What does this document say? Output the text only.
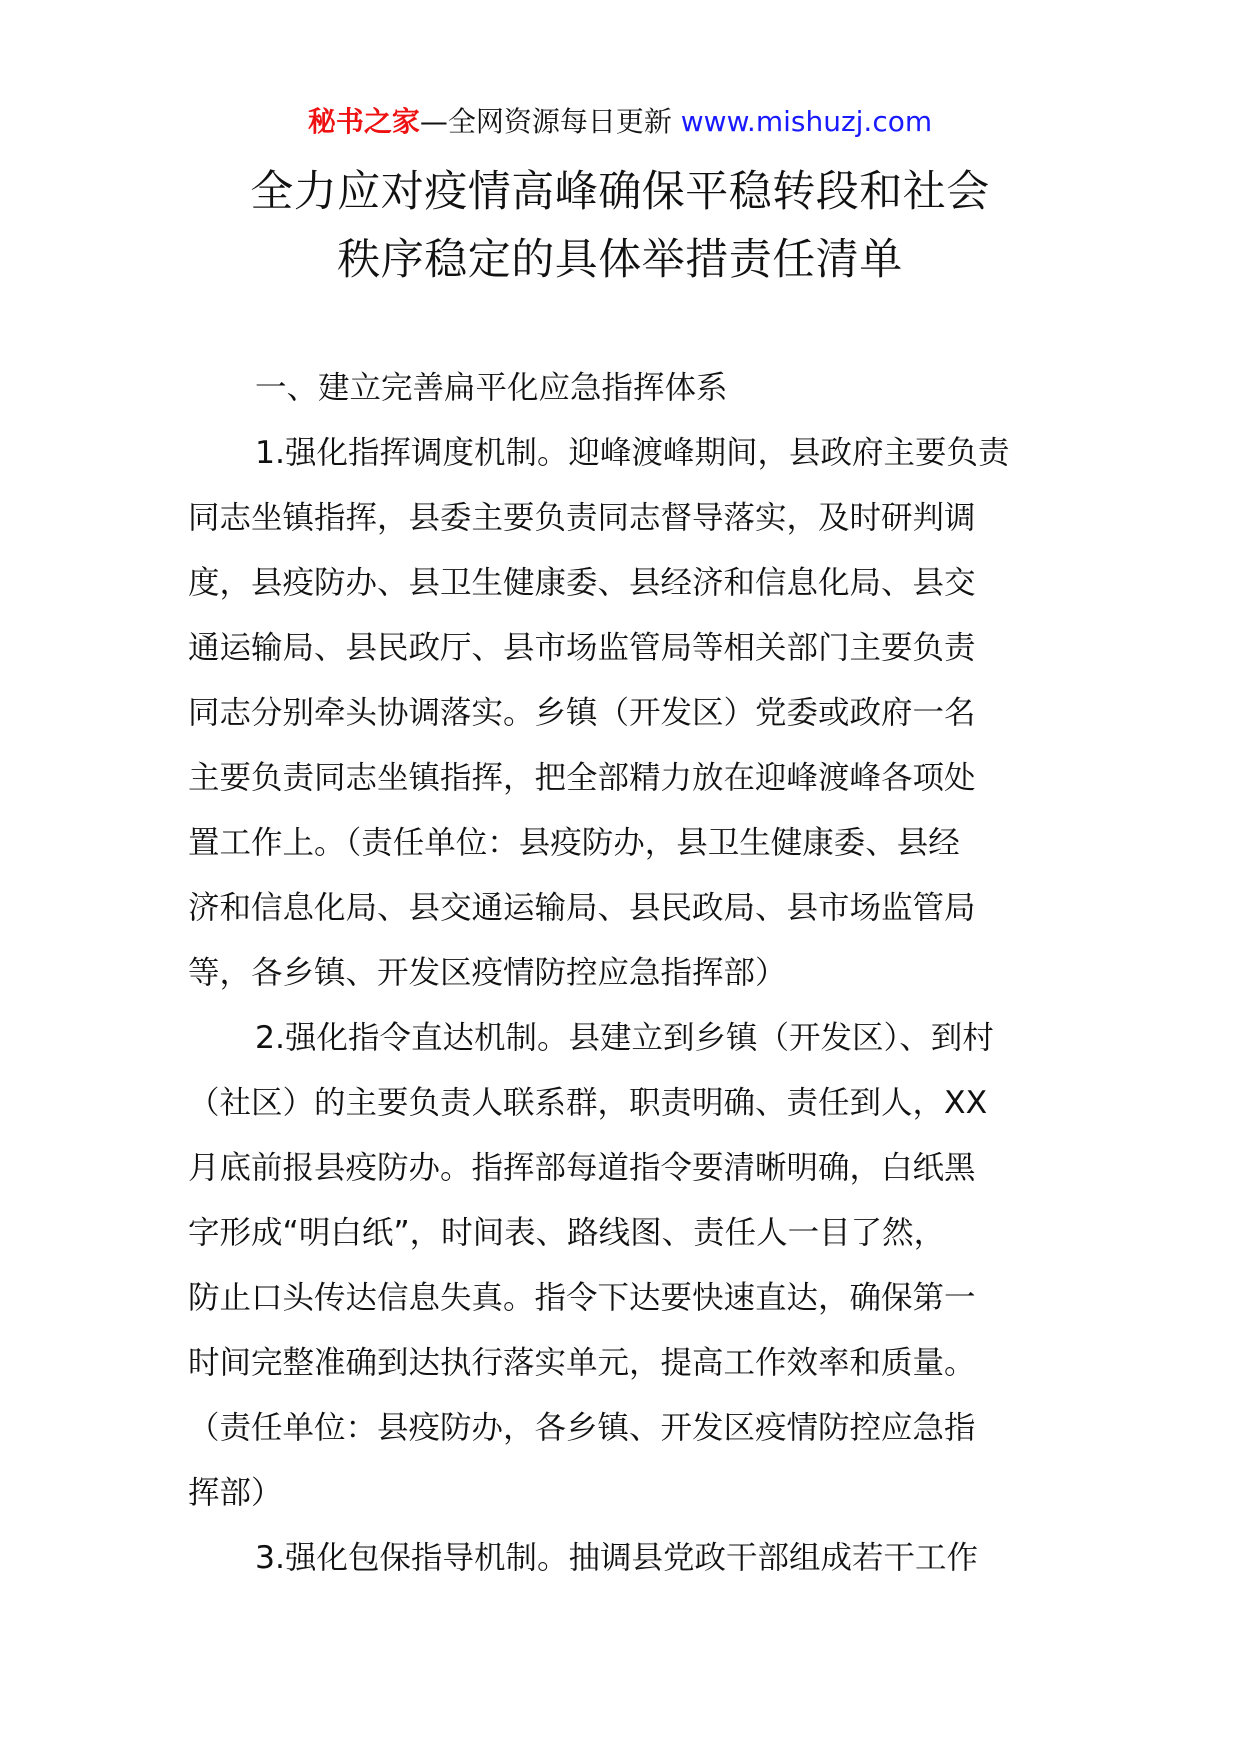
秘书之家—全网资源每日更新 www.mishuzj.com
全力应对疫情高峰确保平稳转段和社会
秩序稳定的具体举措责任清单
一、建立完善扁平化应急指挥体系
1.强化指挥调度机制。迎峰渡峰期间，县政府主要负责
同志坐镇指挥，县委主要负责同志督导落实，及时研判调
度，县疫防办、县卫生健康委、县经济和信息化局、县交
通运输局、县民政厅、县市场监管局等相关部门主要负责
同志分别牵头协调落实。乡镇（开发区）党委或政府一名
主要负责同志坐镇指挥，把全部精力放在迎峰渡峰各项处
置工作上。（责任单位：县疫防办，县卫生健康委、县经
济和信息化局、县交通运输局、县民政局、县市场监管局
等，各乡镇、开发区疫情防控应急指挥部）
2.强化指令直达机制。县建立到乡镇（开发区）、到村
（社区）的主要负责人联系群，职责明确、责任到人，XX
月底前报县疫防办。指挥部每道指令要清晰明确，白纸黑
字形成“明白纸”，时间表、路线图、责任人一目了然，
防止口头传达信息失真。指令下达要快速直达，确保第一
时间完整准确到达执行落实单元，提高工作效率和质量。
（责任单位：县疫防办，各乡镇、开发区疫情防控应急指
挥部）
3.强化包保指导机制。抽调县党政干部组成若干工作
